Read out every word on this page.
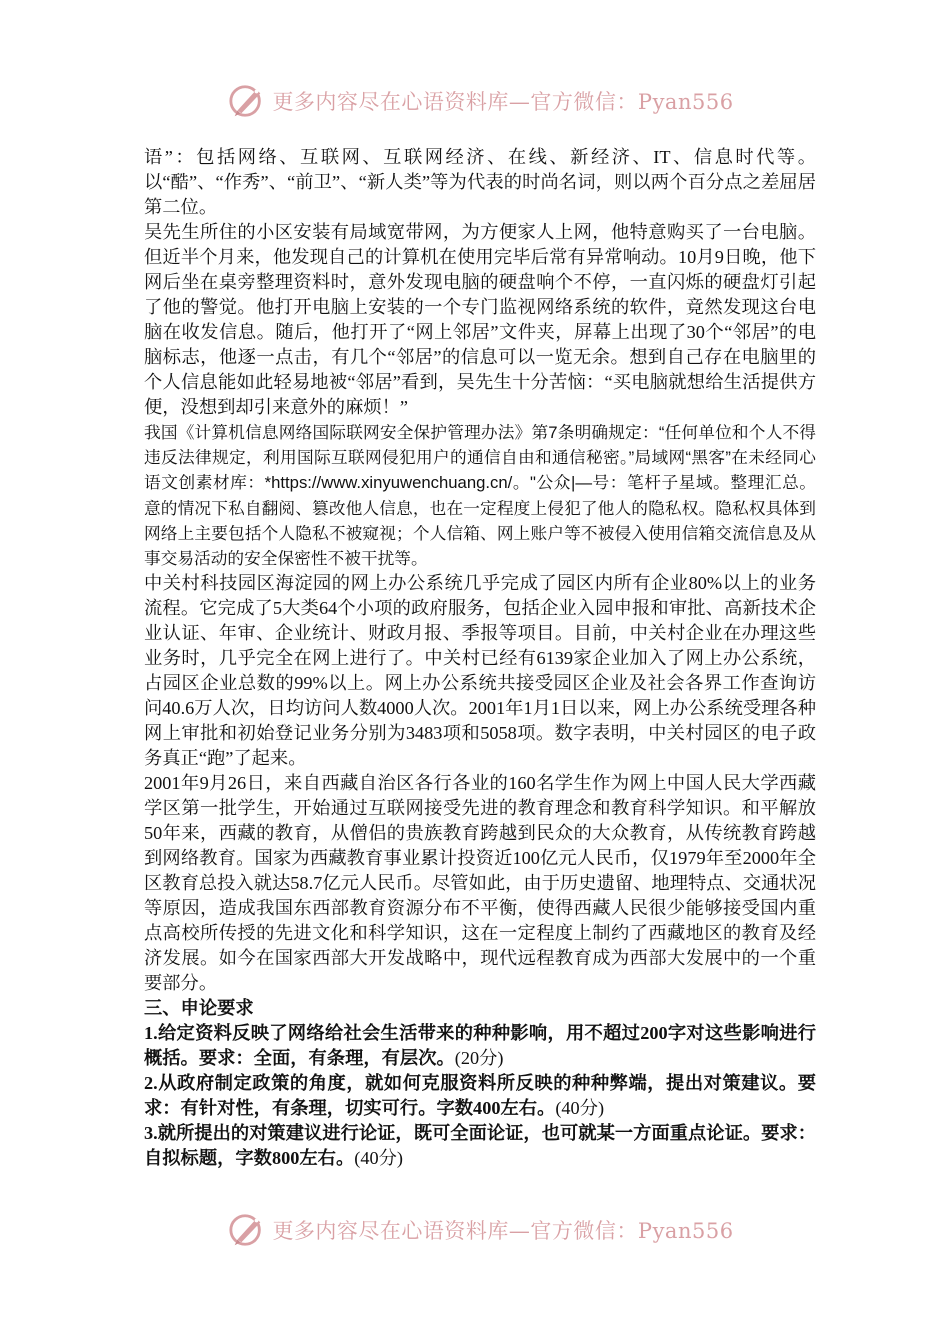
更多内容尽在心语资料库—官方微信：Pyan556

语”：包括网络、互联网、互联网经济、在线、新经济、IT、信息时代等。以“酷”、“作秀”、“前卫”、“新人类”等为代表的时尚名词，则以两个百分点之差屈居第二位。

吴先生所住的小区安装有局域宽带网，为方便家人上网，他特意购买了一台电脑。但近半个月来，他发现自己的计算机在使用完毕后常有异常响动。10月9日晚，他下网后坐在桌旁整理资料时，意外发现电脑的硬盘响个不停，一直闪烁的硬盘灯引起了他的警觉。他打开电脑上安装的一个专门监视网络系统的软件，竟然发现这台电脑在收发信息。随后，他打开了“网上邻居”文件夹，屏幕上出现了30个“邻居”的电脑标志，他逐一点击，有几个“邻居”的信息可以一览无余。想到自己存在电脑里的个人信息能如此轻易地被“邻居”看到，吴先生十分苦恼：“买电脑就想给生活提供方便，没想到却引来意外的麻烦！”

我国《计算机信息网络国际联网安全保护管理办法》第7条明确规定：“任何单位和个人不得违反法律规定，利用国际互联网侵犯用户的通信自由和通信秘密。”局域网“黑客”在未经同心语文创素材库：*https://www.xinyuwenchuang.cn/。"公众|—号：笔杆子星域。整理汇总。意的情况下私自翻阅、篡改他人信息，也在一定程度上侵犯了他人的隐私权。隐私权具体到网络上主要包括个人隐私不被窥视；个人信箱、网上账户等不被侵入使用信箱交流信息及从事交易活动的安全保密性不被干扰等。

中关村科技园区海淀园的网上办公系统几乎完成了园区内所有企业80%以上的业务流程。它完成了5大类64个小项的政府服务，包括企业入园申报和审批、高新技术企业认证、年审、企业统计、财政月报、季报等项目。目前，中关村企业在办理这些业务时，几乎完全在网上进行了。中关村已经有6139家企业加入了网上办公系统，占园区企业总数的99%以上。网上办公系统共接受园区企业及社会各界工作查询访问40.6万人次，日均访问人数4000人次。2001年1月1日以来，网上办公系统受理各种网上审批和初始登记业务分别为3483项和5058项。数字表明，中关村园区的电子政务真正“跑”了起来。

2001年9月26日，来自西藏自治区各行各业的160名学生作为网上中国人民大学西藏学区第一批学生，开始通过互联网接受先进的教育理念和教育科学知识。和平解放50年来，西藏的教育，从僧侣的贵族教育跨越到民众的大众教育，从传统教育跨越到网络教育。国家为西藏教育事业累计投资近100亿元人民币，仅1979年至2000年全区教育总投入就达58.7亿元人民币。尽管如此，由于历史遗留、地理特点、交通状况等原因，造成我国东西部教育资源分布不平衡，使得西藏人民很少能够接受国内重点高校所传授的先进文化和科学知识，这在一定程度上制约了西藏地区的教育及经济发展。如今在国家西部大开发战略中，现代远程教育成为西部大发展中的一个重要部分。

三、申论要求

1.给定资料反映了网络给社会生活带来的种种影响，用不超过200字对这些影响进行概括。要求：全面，有条理，有层次。(20分)

2.从政府制定政策的角度，就如何克服资料所反映的种种弊端，提出对策建议。要求：有针对性，有条理，切实可行。字数400左右。(40分)

3.就所提出的对策建议进行论证，既可全面论证，也可就某一方面重点论证。要求：自拟标题，字数800左右。(40分)

更多内容尽在心语资料库—官方微信：Pyan556
